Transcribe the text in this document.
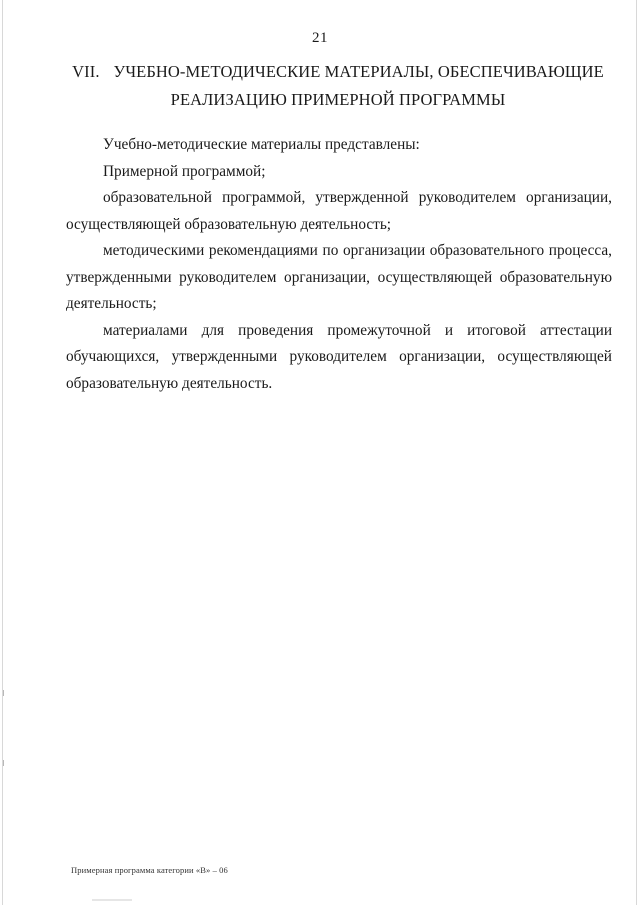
21
VII. УЧЕБНО-МЕТОДИЧЕСКИЕ МАТЕРИАЛЫ, ОБЕСПЕЧИВАЮЩИЕ
РЕАЛИЗАЦИЮ ПРИМЕРНОЙ ПРОГРАММЫ

Учебно-методические материалы представлены:

Примерной программой;

образовательной программой, утвержденной руководителем организации, осуществляющей образовательную деятельность;

методическими рекомендациями по организации образовательного процесса, утвержденными руководителем организации, осуществляющей образовательную деятельность;

материалами для проведения промежуточной и итоговой аттестации обучающихся, утвержденными руководителем организации, осуществляющей образовательную деятельность.

Примерная программа категории «В» – 06
